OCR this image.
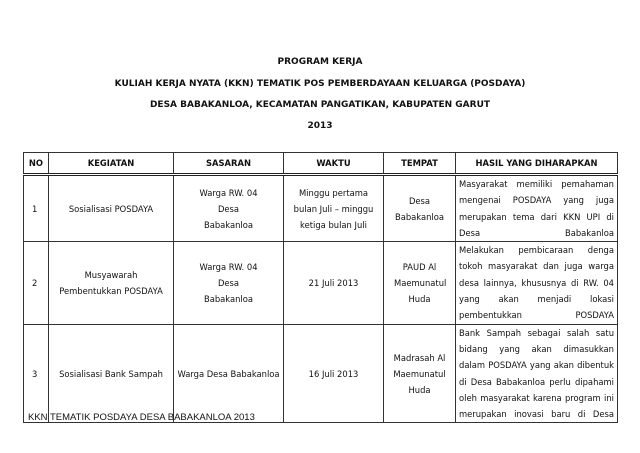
PROGRAM KERJA
KULIAH KERJA NYATA (KKN) TEMATIK POS PEMBERDAYAAN KELUARGA (POSDAYA)
DESA BABAKANLOA, KECAMATAN PANGATIKAN, KABUPATEN GARUT
2013
NO	KEGIATAN	SASARAN	WAKTU	TEMPAT	HASIL YANG DIHARAPKAN
1	Sosialisasi POSDAYA	Warga RW. 04 Desa Babakanloa	Minggu pertama bulan Juli – minggu ketiga bulan Juli	Desa Babakanloa	Masyarakat memiliki pemahaman mengenai POSDAYA yang juga merupakan tema dari KKN UPI di Desa Babakanloa
2	Musyawarah Pembentukkan POSDAYA	Warga RW. 04 Desa Babakanloa	21 Juli 2013	PAUD Al Maemunatul Huda	Melakukan pembicaraan denga tokoh masyarakat dan juga warga desa lainnya, khususnya di RW. 04 yang akan menjadi lokasi pembentukkan POSDAYA
3	Sosialisasi Bank Sampah	Warga Desa Babakanloa	16 Juli 2013	Madrasah Al Maemunatul Huda	Bank Sampah sebagai salah satu bidang yang akan dimasukkan dalam POSDAYA yang akan dibentuk di Desa Babakanloa perlu dipahami oleh masyarakat karena program ini merupakan inovasi baru di Desa
KKN TEMATIK POSDAYA DESA BABAKANLOA 2013
